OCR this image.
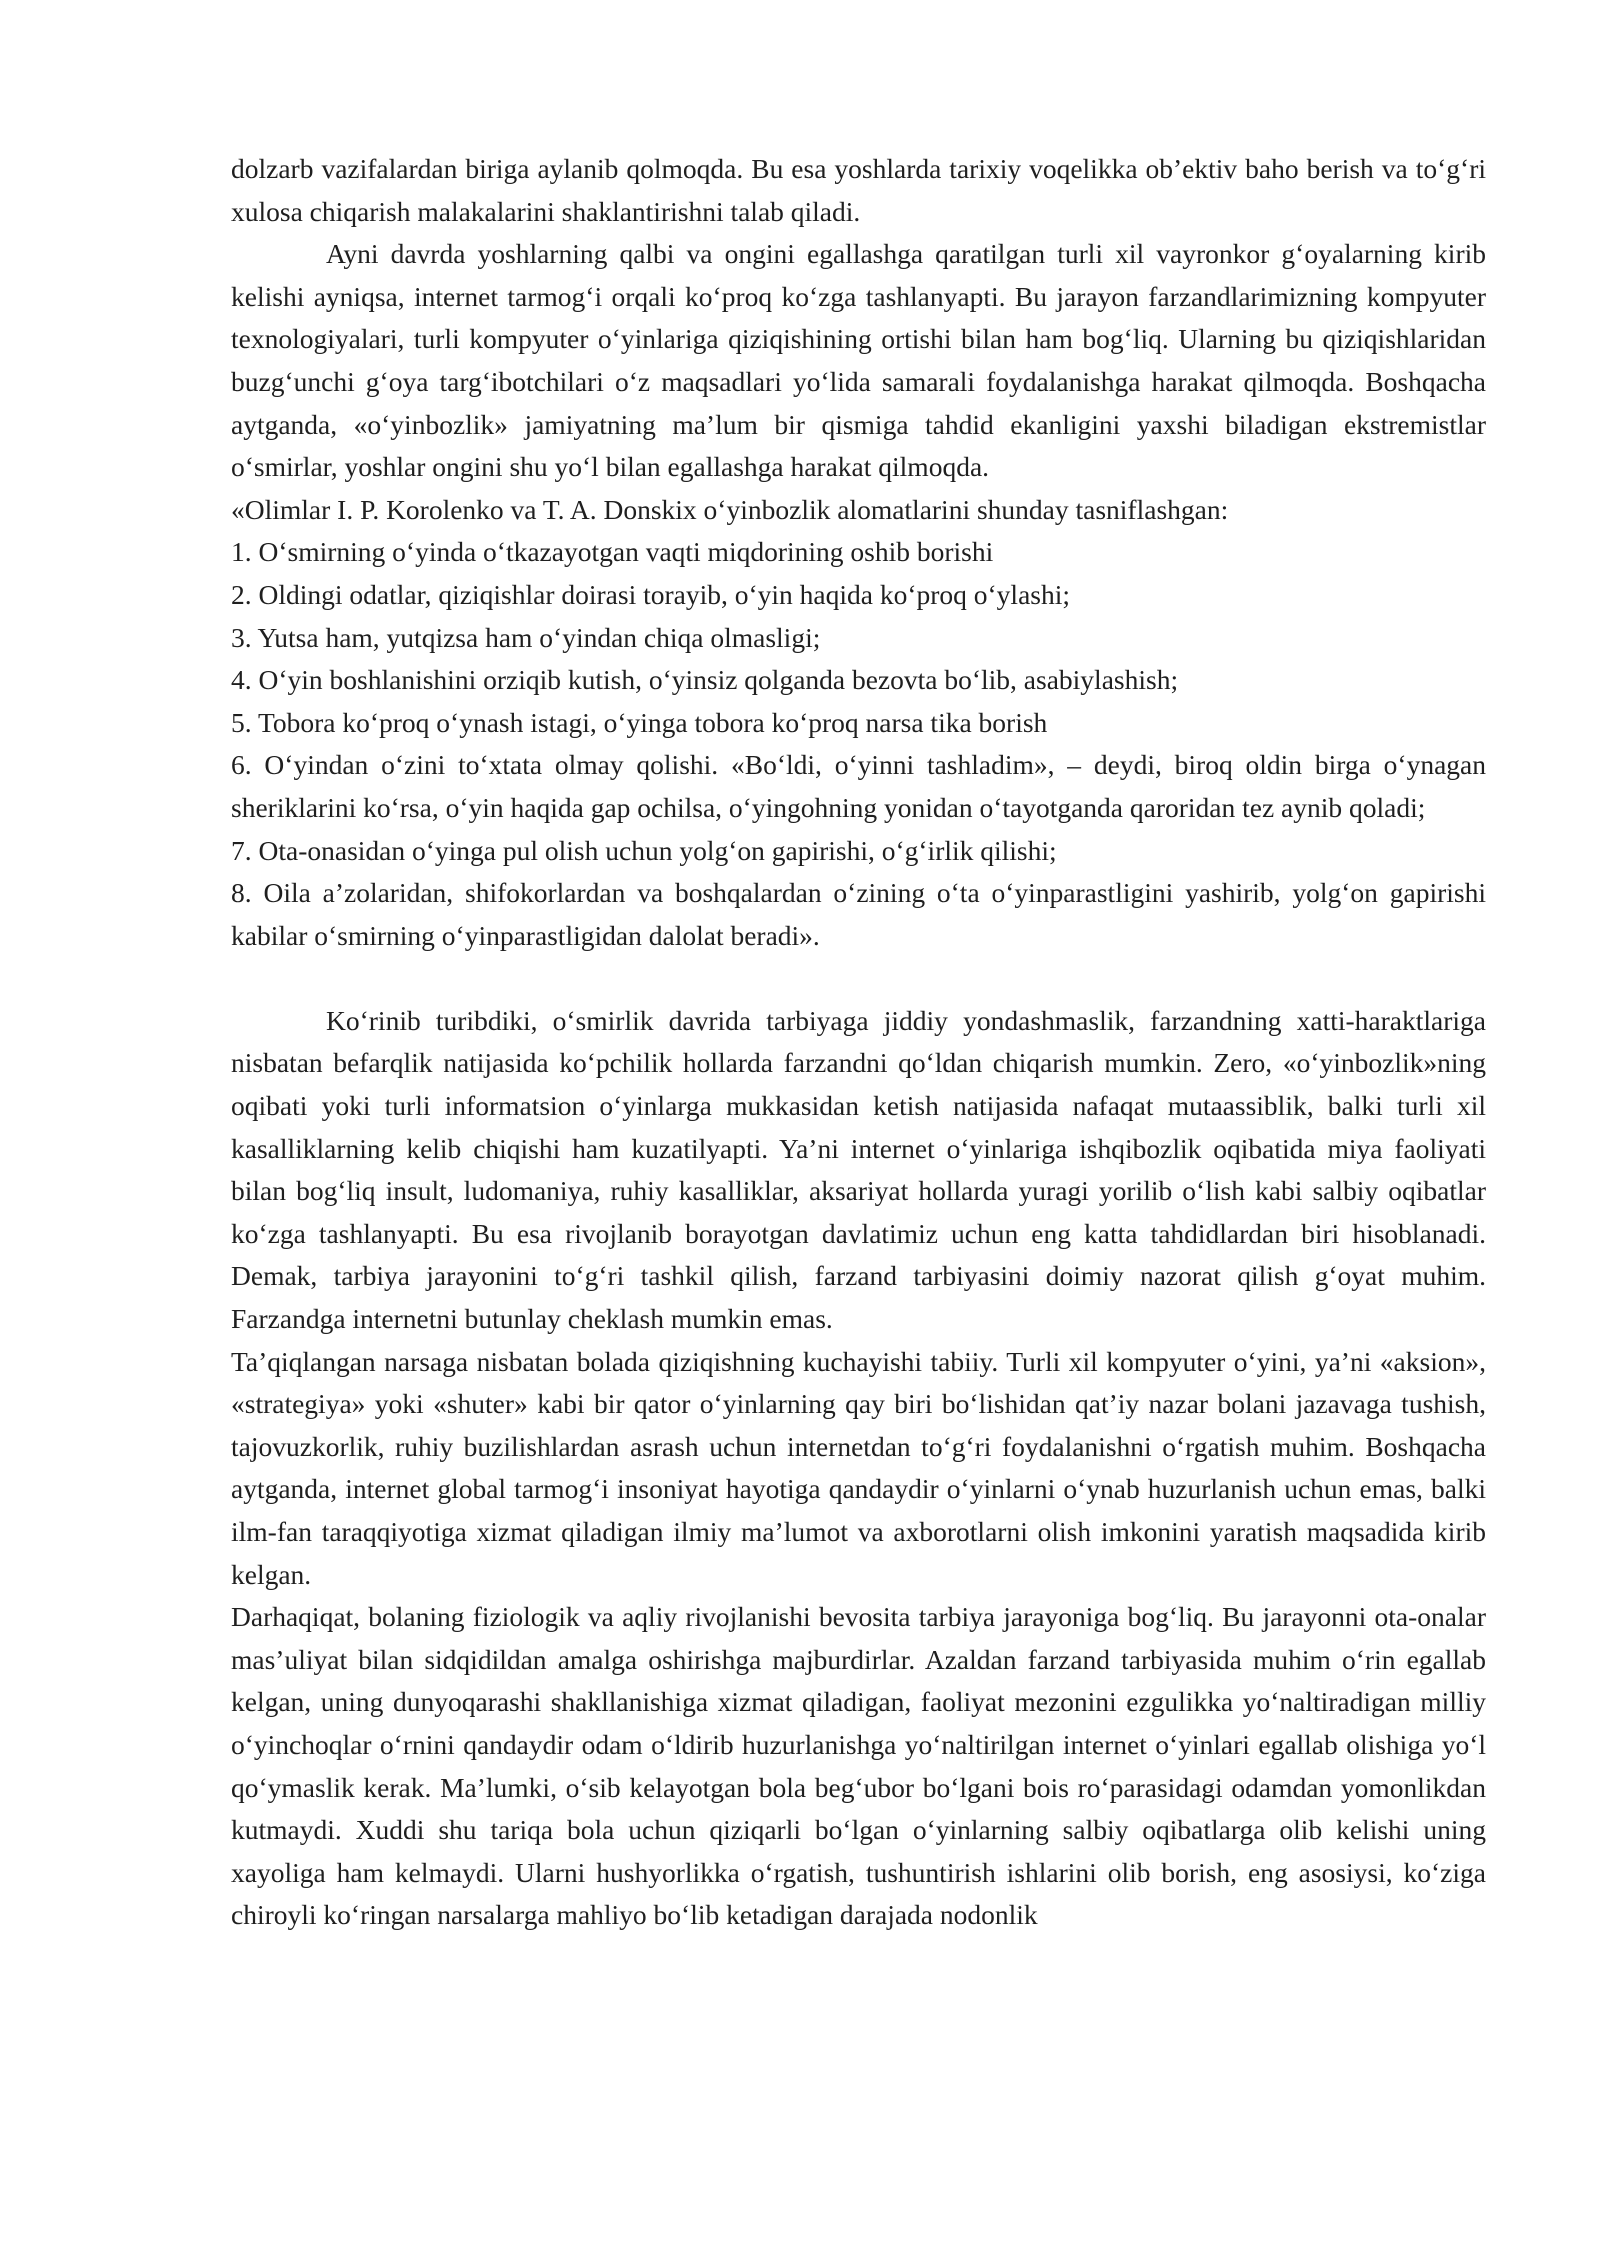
dolzarb vazifalardan biriga aylanib qolmoqda. Bu esa yoshlarda tarixiy voqelikka ob’ektiv baho berish va toʻgʻri xulosa chiqarish malakalarini shaklantirishni talab qiladi.

Ayni davrda yoshlarning qalbi va ongini egallashga qaratilgan turli xil vayronkor gʻoyalarning kirib kelishi ayniqsa, internet tarmogʻi orqali koʻproq koʻzga tashlanyapti. Bu jarayon farzandlarimizning kompyuter texnologiyalari, turli kompyuter oʻyinlariga qiziqishining ortishi bilan ham bogʻliq. Ularning bu qiziqishlaridan buzgʻunchi gʻoya targʻibotchilari oʻz maqsadlari yoʻlida samarali foydalanishga harakat qilmoqda. Boshqacha aytganda, «oʻyinbozlik» jamiyatning ma’lum bir qismiga tahdid ekanligini yaxshi biladigan ekstremistlar oʻsmirlar, yoshlar ongini shu yoʻl bilan egallashga harakat qilmoqda.

«Olimlar I. P. Korolenko va T. A. Donskix oʻyinbozlik alomatlarini shunday tasniflashgan:

1. Oʻsmirning oʻyinda oʻtkazayotgan vaqti miqdorining oshib borishi

2. Oldingi odatlar, qiziqishlar doirasi torayib, oʻyin haqida koʻproq oʻylashi;

3. Yutsa ham, yutqizsa ham oʻyindan chiqa olmasligi;

4. Oʻyin boshlanishini orziqib kutish, oʻyinsiz qolganda bezovta boʻlib, asabiylashish;

5. Tobora koʻproq oʻynash istagi, oʻyinga tobora koʻproq narsa tika borish

6. Oʻyindan oʻzini toʻxtata olmay qolishi. «Boʻldi, oʻyinni tashladim», – deydi, biroq oldin birga oʻynagan sheriklarini koʻrsa, oʻyin haqida gap ochilsa, oʻyingohning yonidan oʻtayotganda qaroridan tez aynib qoladi;

7. Ota-onasidan oʻyinga pul olish uchun yolgʻon gapirishi, oʻgʻirlik qilishi;

8. Oila a’zolaridan, shifokorlardan va boshqalardan oʻzining oʻta oʻyinparastligini yashirib, yolgʻon gapirishi kabilar oʻsmirning oʻyinparastligidan dalolat beradi».

Koʻrinib turibdiki, oʻsmirlik davrida tarbiyaga jiddiy yondashmaslik, farzandning xatti-haraktlariga nisbatan befarqlik natijasida koʻpchilik hollarda farzandni qoʻldan chiqarish mumkin. Zero, «oʻyinbozlik»ning oqibati yoki turli informatsion oʻyinlarga mukkasidan ketish natijasida nafaqat mutaassiblik, balki turli xil kasalliklarning kelib chiqishi ham kuzatilyapti. Ya’ni internet oʻyinlariga ishqibozlik oqibatida miya faoliyati bilan bogʻliq insult, ludomaniya, ruhiy kasalliklar, aksariyat hollarda yuragi yorilib oʻlish kabi salbiy oqibatlar koʻzga tashlanyapti. Bu esa rivojlanib borayotgan davlatimiz uchun eng katta tahdidlardan biri hisoblanadi. Demak, tarbiya jarayonini toʻgʻri tashkil qilish, farzand tarbiyasini doimiy nazorat qilish gʻoyat muhim. Farzandga internetni butunlay cheklash mumkin emas.

Ta’qiqlangan narsaga nisbatan bolada qiziqishning kuchayishi tabiiy. Turli xil kompyuter oʻyini, ya’ni «aksion», «strategiya» yoki «shuter» kabi bir qator oʻyinlarning qay biri boʻlishidan qat’iy nazar bolani jazavaga tushish, tajovuzkorlik, ruhiy buzilishlardan asrash uchun internetdan toʻgʻri foydalanishni oʻrgatish muhim. Boshqacha aytganda, internet global tarmogʻi insoniyat hayotiga qandaydir oʻyinlarni oʻynab huzurlanish uchun emas, balki ilm-fan taraqqiyotiga xizmat qiladigan ilmiy ma’lumot va axborotlarni olish imkonini yaratish maqsadida kirib kelgan.

Darhaqiqat, bolaning fiziologik va aqliy rivojlanishi bevosita tarbiya jarayoniga bogʻliq. Bu jarayonni ota-onalar mas’uliyat bilan sidqidildan amalga oshirishga majburdirlar. Azaldan farzand tarbiyasida muhim oʻrin egallab kelgan, uning dunyoqarashi shakllanishiga xizmat qiladigan, faoliyat mezonini ezgulikka yoʻnaltiradigan milliy oʻyinchoqlar oʻrnini qandaydir odam oʻldirib huzurlanishga yoʻnaltirilgan internet oʻyinlari egallab olishiga yoʻl qoʻymaslik kerak. Ma’lumki, oʻsib kelayotgan bola begʻubor boʻlgani bois roʻparasidagi odamdan yomonlikdan kutmaydi. Xuddi shu tariqa bola uchun qiziqarli boʻlgan oʻyinlarning salbiy oqibatlarga olib kelishi uning xayoliga ham kelmaydi. Ularni hushyorlikka oʻrgatish, tushuntirish ishlarini olib borish, eng asosiysi, koʻziga chiroyli koʻringan narsalarga mahliyo boʻlib ketadigan darajada nodonlik
